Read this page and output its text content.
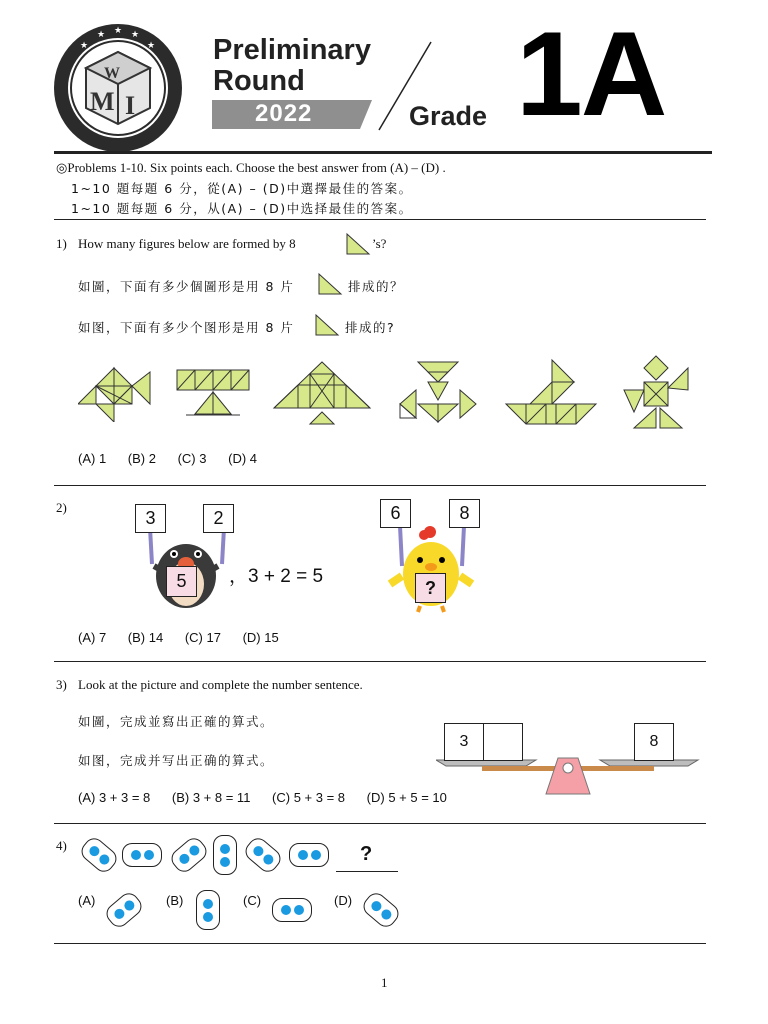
★
★ ★ ★
★
W
M I
Preliminary
Round
2022	Grade 1A
◎Problems 1-10. Six points each. Choose the best answer from (A) – (D) .
1~10 題每題 6 分，從(A) – (D)中選擇最佳的答案。
1~10 题每题 6 分，从(A) – (D)中选择最佳的答案。
1) How many figures below are formed by 8	’s?
如圖，下面有多少個圖形是用 8 片	排成的？
如图，下面有多少个图形是用 8 片	排成的?
(A) 1 (B) 2 (C) 3 (D) 4
2)
3	2
5	，3 + 2 = 5
6	8
?
(A) 7 (B) 14 (C) 17 (D) 15
3) Look at the picture and complete the number sentence.
如圖，完成並寫出正確的算式。
如图，完成并写出正确的算式。
3	8
(A) 3 + 3 = 8 (B) 3 + 8 = 11 (C) 5 + 3 = 8 (D) 5 + 5 = 10
4)	?
(A)	(B)	(C)	(D)
1
